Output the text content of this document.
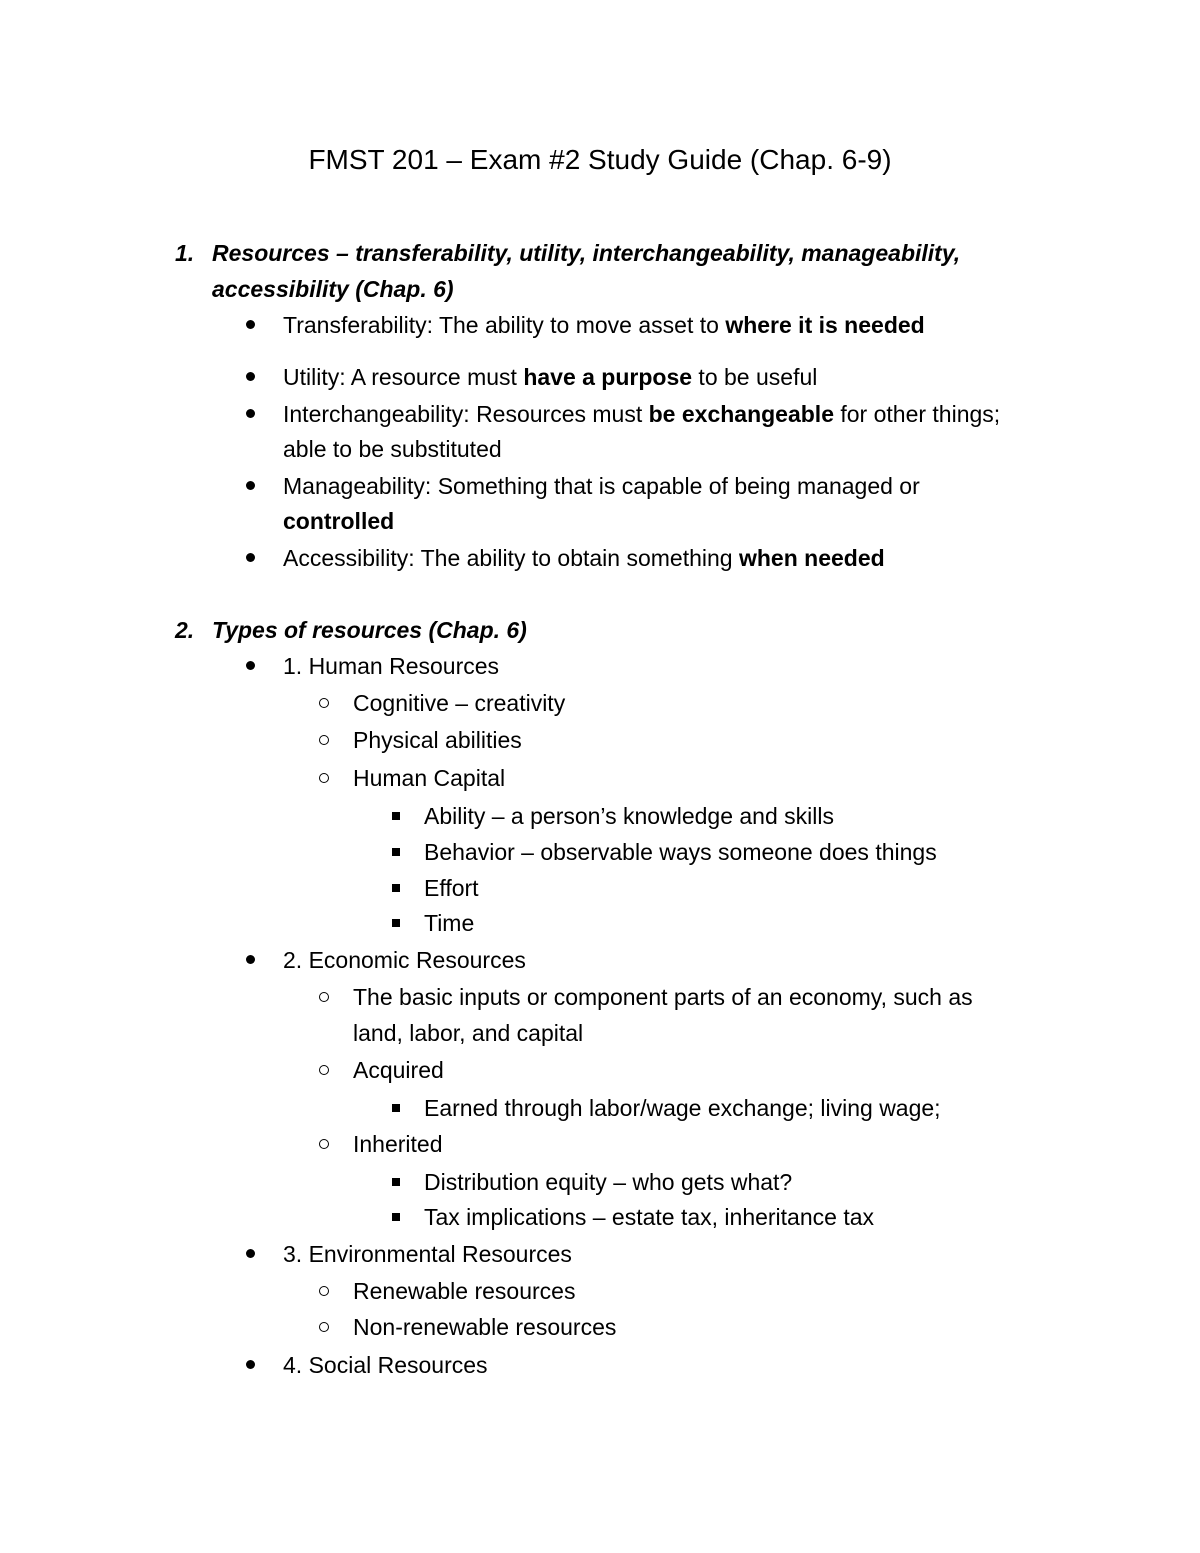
FMST 201 – Exam #2 Study Guide (Chap. 6-9)
1. Resources – transferability, utility, interchangeability, manageability,
accessibility (Chap. 6)
Transferability: The ability to move asset to where it is needed
Utility: A resource must have a purpose to be useful
Interchangeability: Resources must be exchangeable for other things;
able to be substituted
Manageability: Something that is capable of being managed or
controlled
Accessibility: The ability to obtain something when needed
2. Types of resources (Chap. 6)
1. Human Resources
Cognitive – creativity
Physical abilities
Human Capital
Ability – a person’s knowledge and skills
Behavior – observable ways someone does things
Effort
Time
2. Economic Resources
The basic inputs or component parts of an economy, such as
land, labor, and capital
Acquired
Earned through labor/wage exchange; living wage;
Inherited
Distribution equity – who gets what?
Tax implications – estate tax, inheritance tax
3. Environmental Resources
Renewable resources
Non-renewable resources
4. Social Resources
